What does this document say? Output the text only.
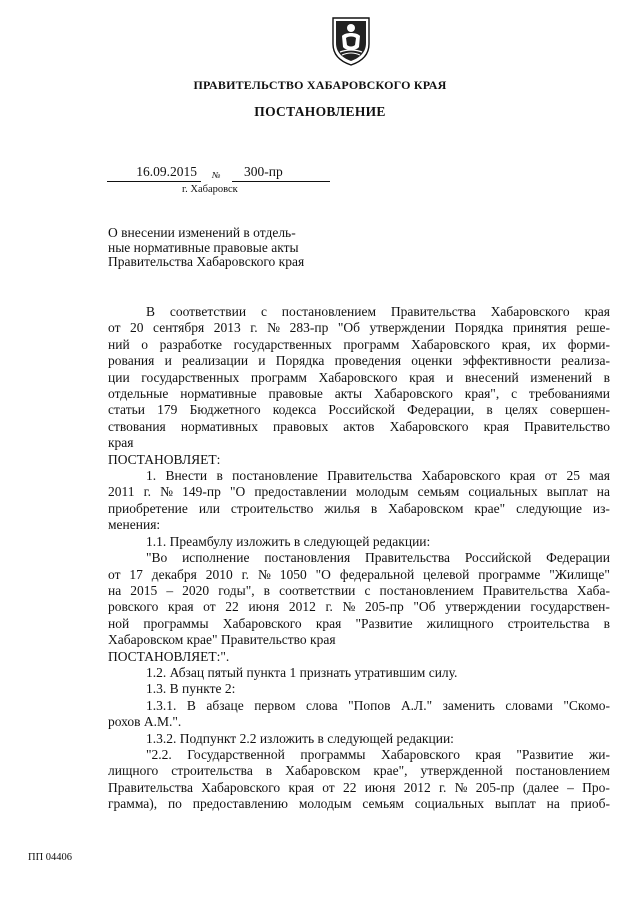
ПРАВИТЕЛЬСТВО ХАБАРОВСКОГО КРАЯ
ПОСТАНОВЛЕНИЕ
16.09.2015	№	300-пр
г. Хабаровск
О внесении изменений в отдель-
ные нормативные правовые акты
Правительства Хабаровского края
В соответствии с постановлением Правительства Хабаровского края
от 20 сентября 2013 г. № 283-пр "Об утверждении Порядка принятия реше-
ний о разработке государственных программ Хабаровского края, их форми-
рования и реализации и Порядка проведения оценки эффективности реализа-
ции государственных программ Хабаровского края и внесений изменений в
отдельные нормативные правовые акты Хабаровского края", с требованиями
статьи 179 Бюджетного кодекса Российской Федерации, в целях совершен-
ствования нормативных правовых актов Хабаровского края Правительство
края
ПОСТАНОВЛЯЕТ:
1. Внести в постановление Правительства Хабаровского края от 25 мая
2011 г. № 149-пр "О предоставлении молодым семьям социальных выплат на
приобретение или строительство жилья в Хабаровском крае" следующие из-
менения:
1.1. Преамбулу изложить в следующей редакции:
"Во исполнение постановления Правительства Российской Федерации
от 17 декабря 2010 г. № 1050 "О федеральной целевой программе "Жилище"
на 2015 – 2020 годы", в соответствии с постановлением Правительства Хаба-
ровского края от 22 июня 2012 г. № 205-пр "Об утверждении государствен-
ной программы Хабаровского края "Развитие жилищного строительства в
Хабаровском крае" Правительство края
ПОСТАНОВЛЯЕТ:".
1.2. Абзац пятый пункта 1 признать утратившим силу.
1.3. В пункте 2:
1.3.1. В абзаце первом слова "Попов А.Л." заменить словами "Скомо-
рохов А.М.".
1.3.2. Подпункт 2.2 изложить в следующей редакции:
"2.2. Государственной программы Хабаровского края "Развитие жи-
лищного строительства в Хабаровском крае", утвержденной постановлением
Правительства Хабаровского края от 22 июня 2012 г. № 205-пр (далее – Про-
грамма), по предоставлению молодым семьям социальных выплат на приоб-
ПП 04406
